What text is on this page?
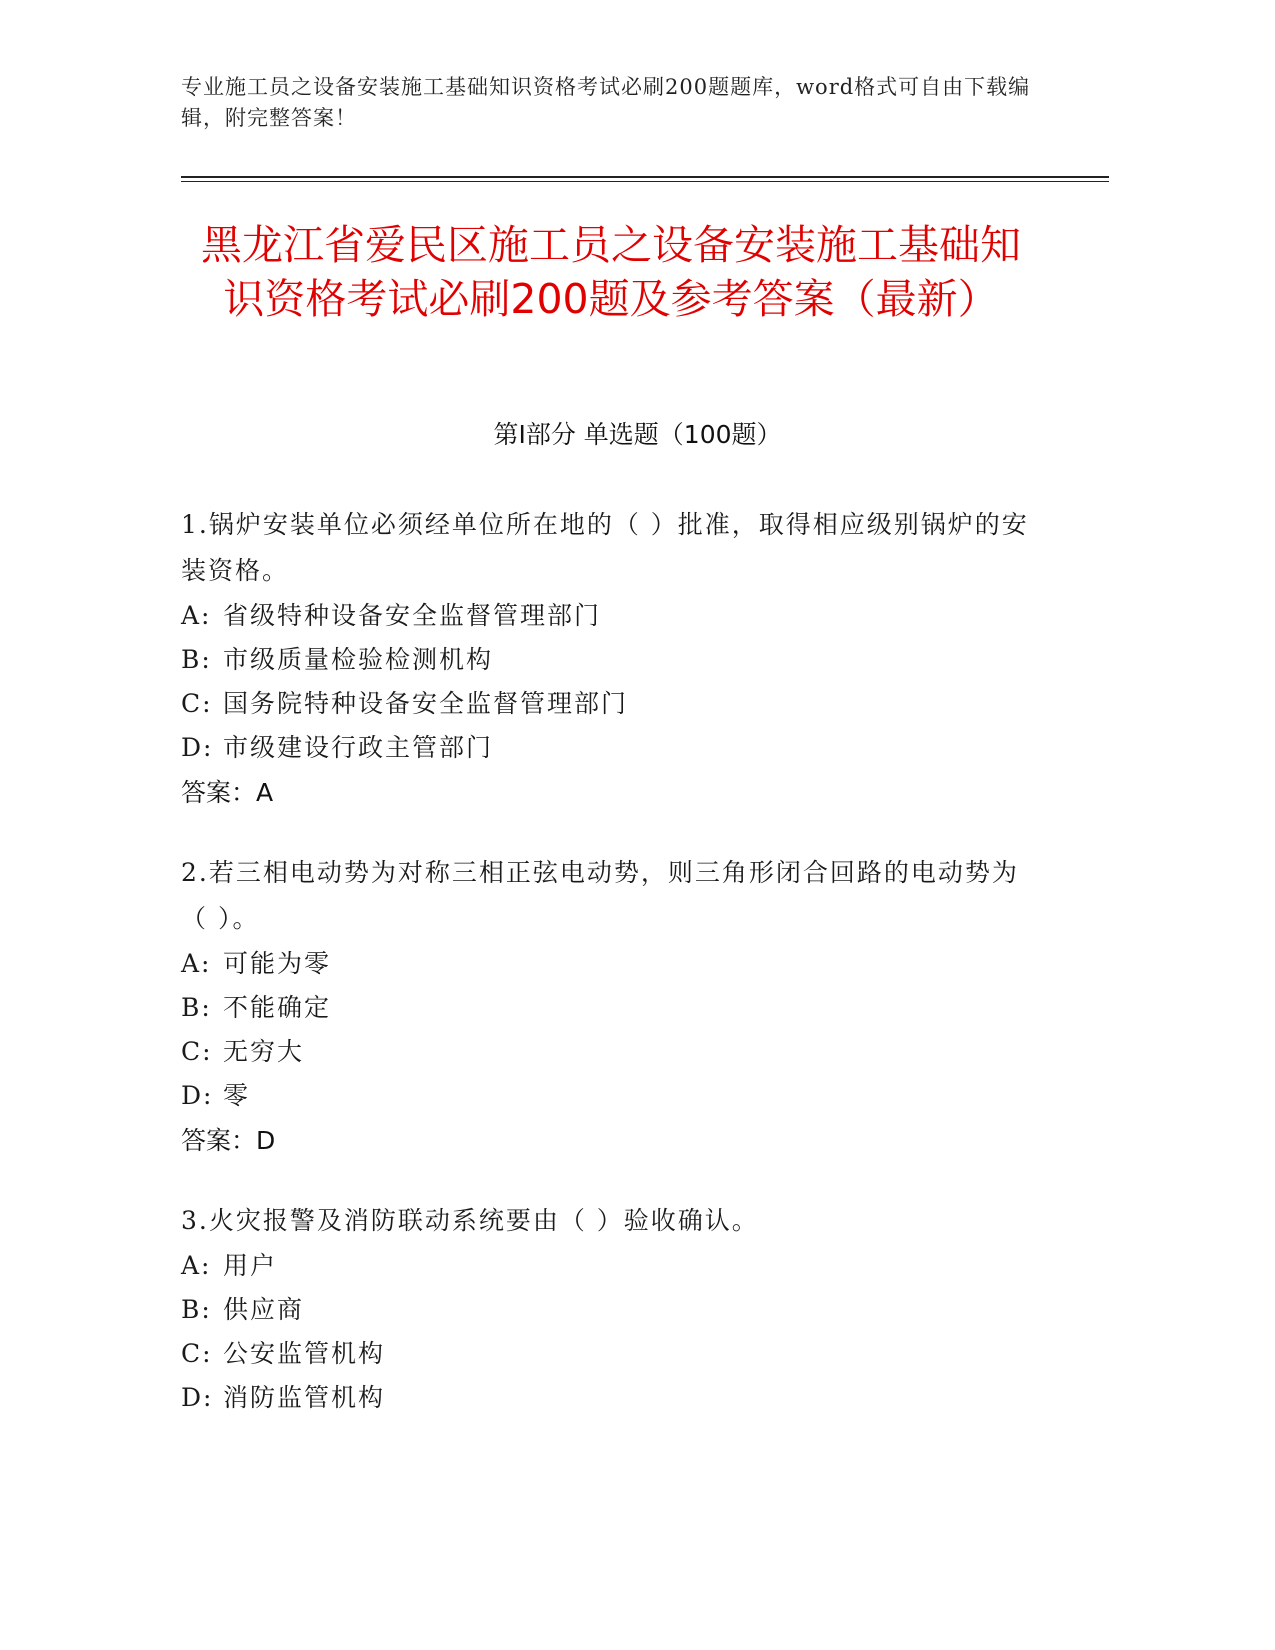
专业施工员之设备安装施工基础知识资格考试必刷200题题库，word格式可自由下载编辑，附完整答案！
黑龙江省爱民区施工员之设备安装施工基础知识资格考试必刷200题及参考答案（最新）
第Ⅰ部分 单选题（100题）
1.锅炉安装单位必须经单位所在地的（ ）批准，取得相应级别锅炉的安装资格。
A: 省级特种设备安全监督管理部门
B: 市级质量检验检测机构
C: 国务院特种设备安全监督管理部门
D: 市级建设行政主管部门
答案：A
2.若三相电动势为对称三相正弦电动势，则三角形闭合回路的电动势为（ ）。
A: 可能为零
B: 不能确定
C: 无穷大
D: 零
答案：D
3.火灾报警及消防联动系统要由（ ）验收确认。
A: 用户
B: 供应商
C: 公安监管机构
D: 消防监管机构
